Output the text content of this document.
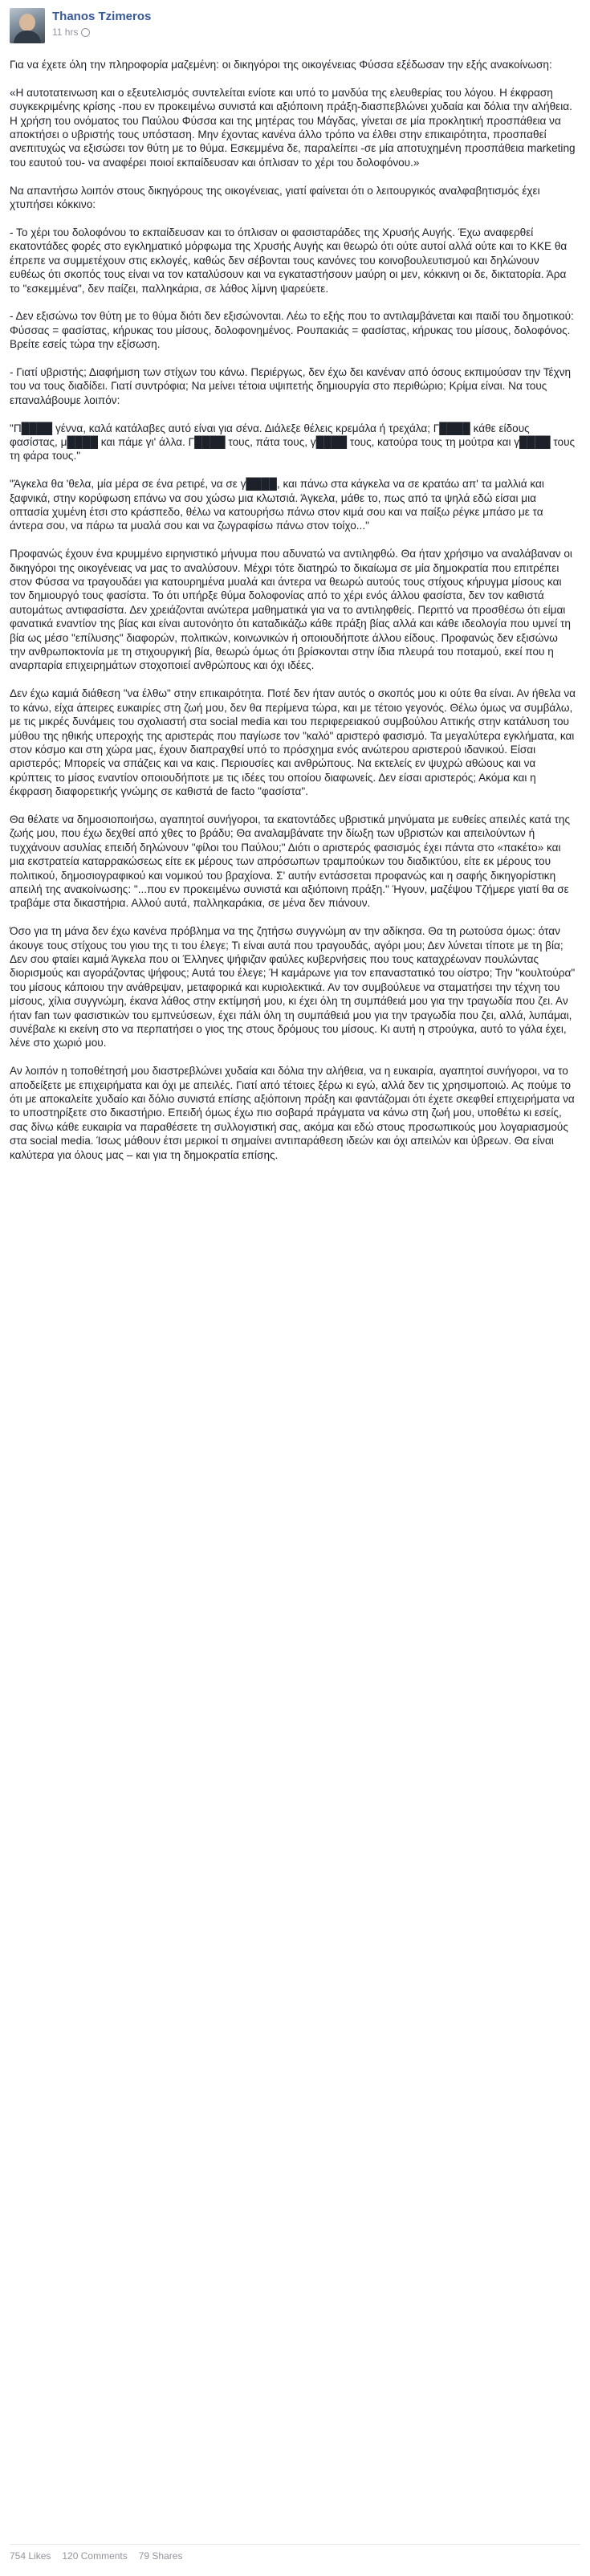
Thanos Tzimeros
11 hrs
Για να έχετε όλη την πληροφορία μαζεμένη: οι δικηγόροι της οικογένειας Φύσσα εξέδωσαν την εξής ανακοίνωση:

«Η αυτοτατεινωση και ο εξευτελισμός συντελείται ενίοτε και υπό το μανδύα της ελευθερίας του λόγου. Η έκφραση συγκεκριμένης κρίσης -που εν προκειμένω συνιστά και αξιόποινη πράξη-διασπεβλώνει χυδαία και δόλια την αλήθεια.
Η χρήση του ονόματος του Παύλου Φύσσα και της μητέρας του Μάγδας, γίνεται σε μία προκλητική προσπάθεια να αποκτήσει ο υβριστής τους υπόσταση. Μην έχοντας κανένα άλλο τρόπο να έλθει στην επικαιρότητα, προσπαθεί ανεπιτυχώς να εξισώσει τον θύτη με το θύμα. Εσκεμμένα δε, παραλείπει -σε μία αποτυχημένη προσπάθεια marketing του εαυτού του- να αναφέρει ποιοί εκπαίδευσαν και όπλισαν το χέρι του δολοφόνου.»

Να απαντήσω λοιπόν στους δικηγόρους της οικογένειας, γιατί φαίνεται ότι ο λειτουργικός αναλφαβητισμός έχει χτυπήσει κόκκινο:

- Το χέρι του δολοφόνου το εκπαίδευσαν και το όπλισαν οι φασισταράδες της Χρυσής Αυγής. Έχω αναφερθεί εκατοντάδες φορές στο εγκληματικό μόρφωμα της Χρυσής Αυγής και θεωρώ ότι ούτε αυτοί αλλά ούτε και το ΚΚΕ θα έπρεπε να συμμετέχουν στις εκλογές, καθώς δεν σέβονται τους κανόνες του κοινοβουλευτισμού και δηλώνουν ευθέως ότι σκοπός τους είναι να τον καταλύσουν και να εγκαταστήσουν μαύρη οι μεν, κόκκινη οι δε, δικτατορία. Άρα το "εσκεμμένα", δεν παίζει, παλληκάρια, σε λάθος λίμνη ψαρεύετε.

- Δεν εξισώνω τον θύτη με το θύμα διότι δεν εξισώνονται. Λέω το εξής που το αντιλαμβάνεται και παιδί του δημοτικού: Φύσσας = φασίστας, κήρυκας του μίσους, δολοφονημένος. Ρουπακιάς = φασίστας, κήρυκας του μίσους, δολοφόνος. Βρείτε εσείς τώρα την εξίσωση.

- Γιατί υβριστής; Διαφήμιση των στίχων του κάνω. Περιέργως, δεν έχω δει κανέναν από όσους εκπιμούσαν την Τέχνη του να τους διαδίδει. Γιατί συντρόφια; Να μείνει τέτοια υψιπετής δημιουργία στο περιθώριο; Κρίμα είναι. Να τους επαναλάβουμε λοιπόν:

"Π████ γέννα, καλά κατάλαβες αυτό είναι για σένα. Διάλεξε θέλεις κρεμάλα ή τρεχάλα; Γ████ κάθε είδους φασίστας, μ████ και πάμε γι' άλλα. Γ████ τους, πάτα τους, γ████ τους, κατούρα τους τη μούτρα και γ████ τους τη φάρα τους."

"Άγκελα θα 'θελα, μία μέρα σε ένα ρετιρέ, να σε γ████, και πάνω στα κάγκελα να σε κρατάω απ' τα μαλλιά και ξαφνικά, στην κορύφωση επάνω να σου χώσω μια κλωτσιά. Άγκελα, μάθε το, πως από τα ψηλά εδώ είσαι μια οπτασία χυμένη έτσι στο κράσπεδο, θέλω να κατουρήσω πάνω στον κιμά σου και να παίξω ρέγκε μπάσο με τα άντερα σου, να πάρω τα μυαλά σου και να ζωγραφίσω πάνω στον τοίχο..."

Προφανώς έχουν ένα κρυμμένο ειρηνιστικό μήνυμα που αδυνατώ να αντιληφθώ. Θα ήταν χρήσιμο να αναλάβαναν οι δικηγόροι της οικογένειας να μας το αναλύσουν. Μέχρι τότε διατηρώ το δικαίωμα σε μία δημοκρατία που επιτρέπει στον Φύσσα να τραγουδάει για κατουρημένα μυαλά και άντερα να θεωρώ αυτούς τους στίχους κήρυγμα μίσους και τον δημιουργό τους φασίστα. Το ότι υπήρξε θύμα δολοφονίας από το χέρι ενός άλλου φασίστα, δεν τον καθιστά αυτομάτως αντιφασίστα. Δεν χρειάζονται ανώτερα μαθηματικά για να το αντιληφθείς. Περιττό να προσθέσω ότι είμαι φανατικά εναντίον της βίας και είναι αυτονόητο ότι καταδικάζω κάθε πράξη βίας αλλά και κάθε ιδεολογία που υμνεί τη βία ως μέσο "επίλυσης" διαφορών, πολιτικών, κοινωνικών ή οποιουδήποτε άλλου είδους. Προφανώς δεν εξισώνω την ανθρωποκτονία με τη στιχουργική βία, θεωρώ όμως ότι βρίσκονται στην ίδια πλευρά του ποταμού, εκεί που η αναρπαρία επιχειρημάτων στοχοποιεί ανθρώπους και όχι ιδέες.

Δεν έχω καμιά διάθεση "να έλθω" στην επικαιρότητα. Ποτέ δεν ήταν αυτός ο σκοπός μου κι ούτε θα είναι. Αν ήθελα να το κάνω, είχα άπειρες ευκαιρίες στη ζωή μου, δεν θα περίμενα τώρα, και με τέτοιο γεγονός. Θέλω όμως να συμβάλω, με τις μικρές δυνάμεις του σχολιαστή στα social media και του περιφερειακού συμβούλου Αττικής στην κατάλυση του μύθου της ηθικής υπεροχής της αριστεράς που παγίωσε τον "καλό" αριστερό φασισμό. Τα μεγαλύτερα εγκλήματα, και στον κόσμο και στη χώρα μας, έχουν διαπραχθεί υπό το πρόσχημα ενός ανώτερου αριστερού ιδανικού. Είσαι αριστερός; Μπορείς να σπάζεις και να καις. Περιουσίες και ανθρώπους. Να εκτελείς εν ψυχρώ αθώους και να κρύπτεις το μίσος εναντίον οποιουδήποτε με τις ιδέες του οποίου διαφωνείς. Δεν είσαι αριστερός; Ακόμα και η έκφραση διαφορετικής γνώμης σε καθιστά de facto "φασίστα".

Θα θέλατε να δημοσιοποιήσω, αγαπητοί συνήγοροι, τα εκατοντάδες υβριστικά μηνύματα με ευθείες απειλές κατά της ζωής μου, που έχω δεχθεί από χθες το βράδυ; Θα αναλαμβάνατε την δίωξη των υβριστών και απειλούντων ή τυχχάνουν ασυλίας επειδή δηλώνουν "φίλοι του Παύλου;" Διότι ο αριστερός φασισμός έχει πάντα στο «πακέτο» και μια εκστρατεία καταρρακώσεως είτε εκ μέρους των απρόσωπων τραμπούκων του διαδικτύου, είτε εκ μέρους του πολιτικού, δημοσιογραφικού και νομικού του βραχίονα. Σ' αυτήν εντάσσεται προφανώς και η σαφής δικηγορίστικη απειλή της ανακοίνωσης: "...που εν προκειμένω συνιστά και αξιόποινη πράξη." Ήγουν, μαζέψου Τζήμερε γιατί θα σε τραβάμε στα δικαστήρια. Αλλού αυτά, παλληκαράκια, σε μένα δεν πιάνουν.

Όσο για τη μάνα δεν έχω κανένα πρόβλημα να της ζητήσω συγγνώμη αν την αδίκησα. Θα τη ρωτούσα όμως: όταν άκουγε τους στίχους του γιου της τι του έλεγε; Τι είναι αυτά που τραγουδάς, αγόρι μου; Δεν λύνεται τίποτε με τη βία; Δεν σου φταίει καμιά Άγκελα που οι Έλληνες ψήφιζαν φαύλες κυβερνήσεις που τους καταχρέωναν πουλώντας διορισμούς και αγοράζοντας ψήφους; Αυτά του έλεγε; Ή καμάρωνε για τον επαναστατικό του οίστρο; Την "κουλτούρα" του μίσους κάποιου την ανάθρεψαν, μεταφορικά και κυριολεκτικά. Αν τον συμβούλευε να σταματήσει την τέχνη του μίσους, χίλια συγγνώμη, έκανα λάθος στην εκτίμησή μου, κι έχει όλη τη συμπάθειά μου για την τραγωδία που ζει. Αν ήταν fan των φασιστικών του εμπνεύσεων, έχει πάλι όλη τη συμπάθειά μου για την τραγωδία που ζει, αλλά, λυπάμαι, συνέβαλε κι εκείνη στο να περπατήσει ο γιος της στους δρόμους του μίσους. Κι αυτή η στρούγκα, αυτό το γάλα έχει, λένε στο χωριό μου.

Αν λοιπόν η τοποθέτησή μου διαστρεβλώνει χυδαία και δόλια την αλήθεια, να η ευκαιρία, αγαπητοί συνήγοροι, να το αποδείξετε με επιχειρήματα και όχι με απειλές. Γιατί από τέτοιες ξέρω κι εγώ, αλλά δεν τις χρησιμοποιώ. Ας πούμε το ότι με αποκαλείτε χυδαίο και δόλιο συνιστά επίσης αξιόποινη πράξη και φαντάζομαι ότι έχετε σκεφθεί επιχειρήματα να το υποστηρίξετε στο δικαστήριο. Επειδή όμως έχω πιο σοβαρά πράγματα να κάνω στη ζωή μου, υποθέτω κι εσείς, σας δίνω κάθε ευκαιρία να παραθέσετε τη συλλογιστική σας, ακόμα και εδώ στους προσωπικούς μου λογαριασμούς στα social media. Ίσως μάθουν έτσι μερικοί τι σημαίνει αντιπαράθεση ιδεών και όχι απειλών και ύβρεων. Θα είναι καλύτερα για όλους μας – και για τη δημοκρατία επίσης.
754 Likes 120 Comments 79 Shares
